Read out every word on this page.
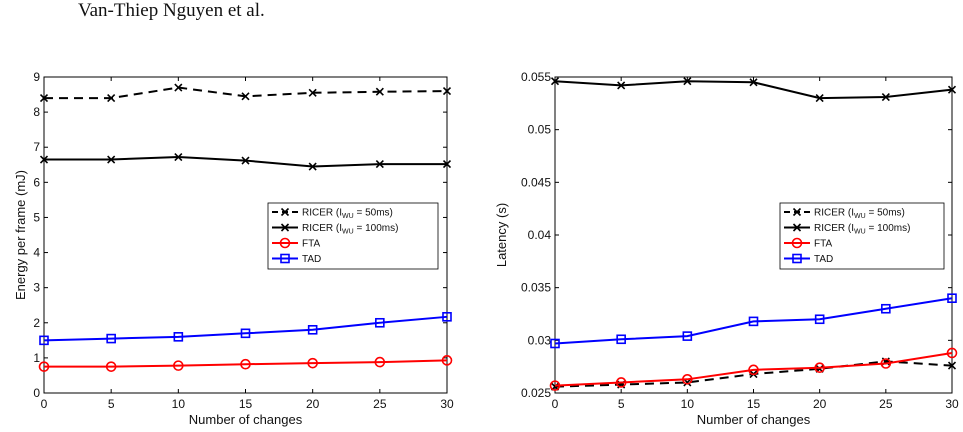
Van-Thiep Nguyen et al.
0	5	10	15	20	25	30
0
1
2
3
4
5
6
7
8
9
Number of changes
Energy per frame (mJ)	RICER $(I_{WU} = 50ms)$
RICER $(I_{WU} = 100ms)$
FTA
TAD
0	5	10	15	20	25	30
0.025
0.03
0.035
0.04
0.045
0.05
0.055
Number of changes
Latency (s)	RICER $(I_{WU} = 50ms)$
RICER $(I_{WU} = 100ms)$
FTA
TAD
